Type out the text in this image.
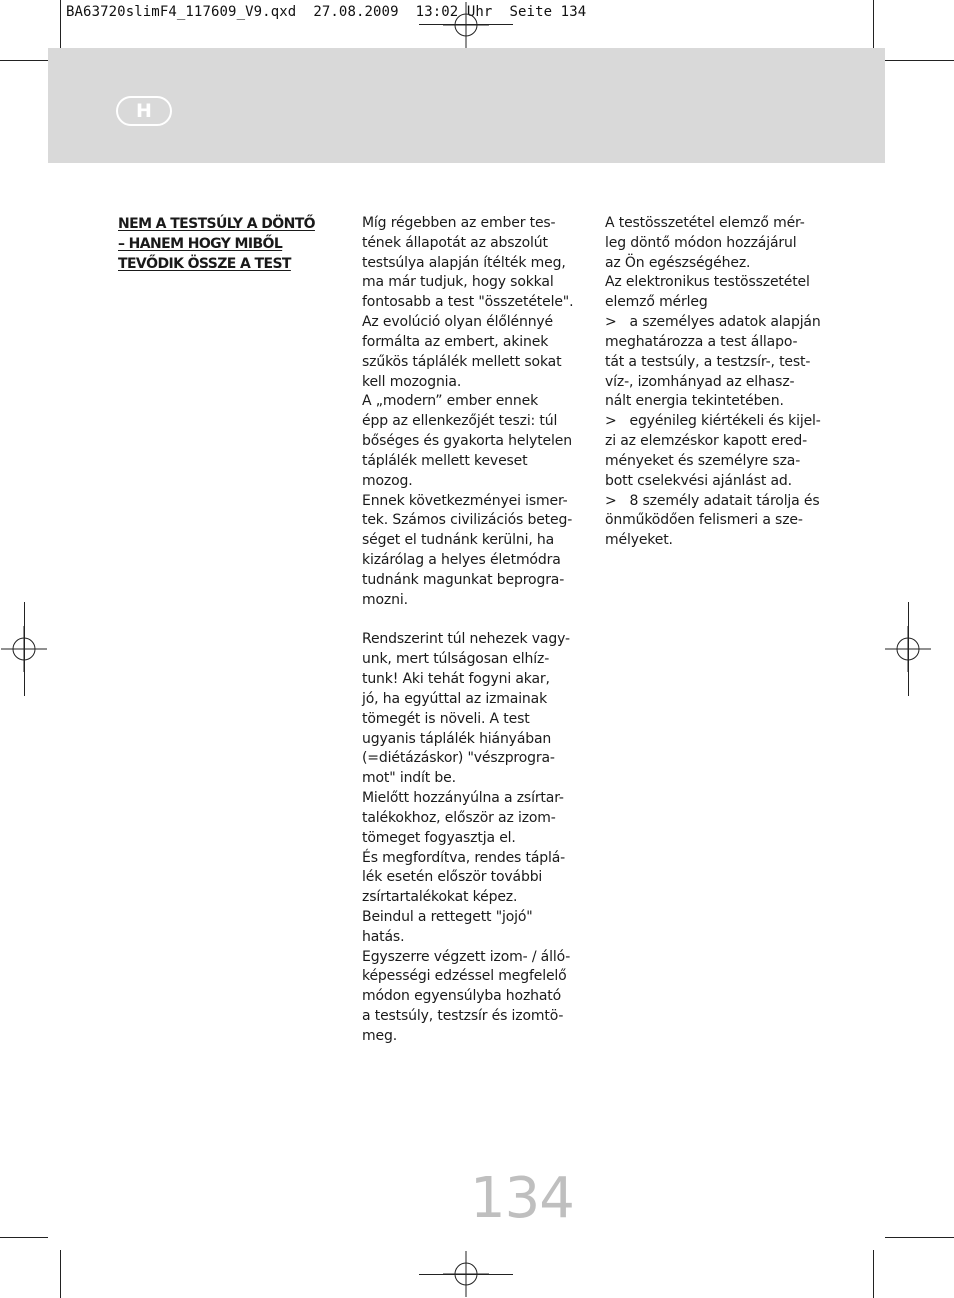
BA63720slimF4_117609_V9.qxd  27.08.2009  13:02 Uhr  Seite 134
H
NEM A TESTSÚLY A DÖNTŐ
– HANEM HOGY MIBŐL
TEVŐDIK ÖSSZE A TEST
Míg régebben az ember tes-
tének állapotát az abszolút
testsúlya alapján ítélték meg,
ma már tudjuk, hogy sokkal
fontosabb a test "összetétele".
Az evolúció olyan élőlénnyé
formálta az embert, akinek
szűkös táplálék mellett sokat
kell mozognia.
A „modern” ember ennek
épp az ellenkezőjét teszi: túl
bőséges és gyakorta helytelen
táplálék mellett keveset
mozog.
Ennek következményei ismer-
tek. Számos civilizációs beteg-
séget el tudnánk kerülni, ha
kizárólag a helyes életmódra
tudnánk magunkat beprogra-
mozni.

Rendszerint túl nehezek vagy-
unk, mert túlságosan elhíz-
tunk! Aki tehát fogyni akar,
jó, ha egyúttal az izmainak
tömegét is növeli. A test
ugyanis táplálék hiányában
(=diétázáskor) "vészprogra-
mot" indít be.
Mielőtt hozzányúlna a zsírtar-
talékokhoz, először az izom-
tömeget fogyasztja el.
És megfordítva, rendes táplá-
lék esetén először további
zsírtartalékokat képez.
Beindul a rettegett "jojó"
hatás.
Egyszerre végzett izom- / álló-
képességi edzéssel megfelelő
módon egyensúlyba hozható
a testsúly, testzsír és izomtö-
meg.
A testösszetétel elemző mér-
leg döntő módon hozzájárul
az Ön egészségéhez.
Az elektronikus testösszetétel
elemző mérleg
>   a személyes adatok alapján
meghatározza a test állapo-
tát a testsúly, a testzsír-, test-
víz-, izomhányad az elhasz-
nált energia tekintetében.
>   egyénileg kiértékeli és kijel-
zi az elemzéskor kapott ered-
ményeket és személyre sza-
bott cselekvési ajánlást ad.
>   8 személy adatait tárolja és
önműködően felismeri a sze-
mélyeket.
134
